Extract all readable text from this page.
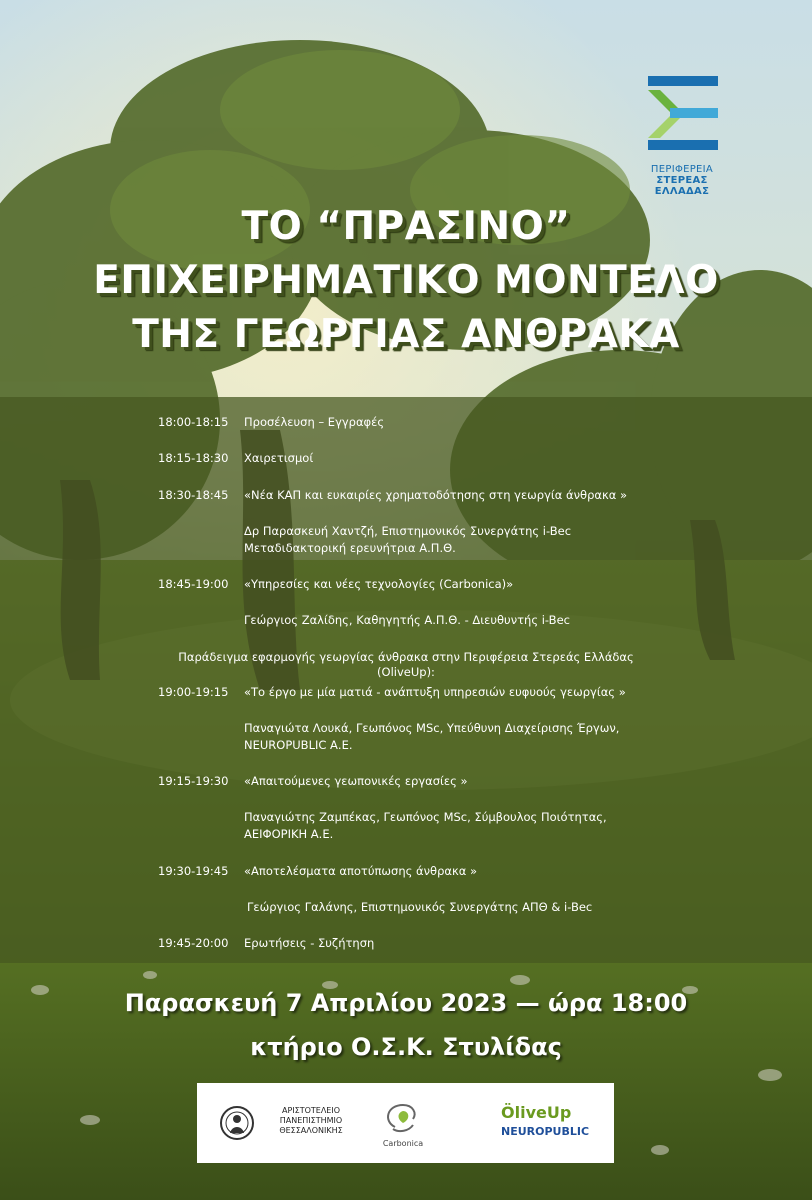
ΠΕΡΙΦΕΡΕΙΑ
ΣΤΕΡΕΑΣ
ΕΛΛΑΔΑΣ
ΤΟ “ΠΡΑΣΙΝΟ”
ΕΠΙΧΕΙΡΗΜΑΤΙΚΟ ΜΟΝΤΕΛΟ
ΤΗΣ ΓΕΩΡΓΙΑΣ ΑΝΘΡΑΚΑ
18:00-18:15 Προσέλευση – Εγγραφές
18:15-18:30 Χαιρετισμοί
18:30-18:45 «Νέα ΚΑΠ και ευκαιρίες χρηματοδότησης στη γεωργία άνθρακα »
Δρ Παρασκευή Χαντζή, Επιστημονικός Συνεργάτης i-Bec
Μεταδιδακτορική ερευνήτρια Α.Π.Θ.
18:45-19:00 «Υπηρεσίες και νέες τεχνολογίες (Carbonica)»
Γεώργιος Ζαλίδης, Καθηγητής Α.Π.Θ. - Διευθυντής i-Bec
Παράδειγμα εφαρμογής γεωργίας άνθρακα στην Περιφέρεια Στερεάς Ελλάδας
(OliveUp):
19:00-19:15 «Το έργο με μία ματιά - ανάπτυξη υπηρεσιών ευφυούς γεωργίας »
Παναγιώτα Λουκά, Γεωπόνος MSc, Υπεύθυνη Διαχείρισης Έργων,
NEUROPUBLIC Α.Ε.
19:15-19:30 «Απαιτούμενες γεωπονικές εργασίες »
Παναγιώτης Ζαμπέκας, Γεωπόνος MSc, Σύμβουλος Ποιότητας,
ΑΕΙΦΟΡΙΚΗ Α.Ε.
19:30-19:45 «Αποτελέσματα αποτύπωσης άνθρακα »
Γεώργιος Γαλάνης, Επιστημονικός Συνεργάτης ΑΠΘ & i-Bec
19:45-20:00 Ερωτήσεις - Συζήτηση
Παρασκευή 7 Απριλίου 2023 — ώρα 18:00
κτήριο Ο.Σ.Κ. Στυλίδας
ΑΡΙΣΤΟΤΕΛΕΙΟ
ΠΑΝΕΠΙΣΤΗΜΙΟ
ΘΕΣΣΑΛΟΝΙΚΗΣ
Carbonica
ÖliveUp
NEUROPUBLIC
